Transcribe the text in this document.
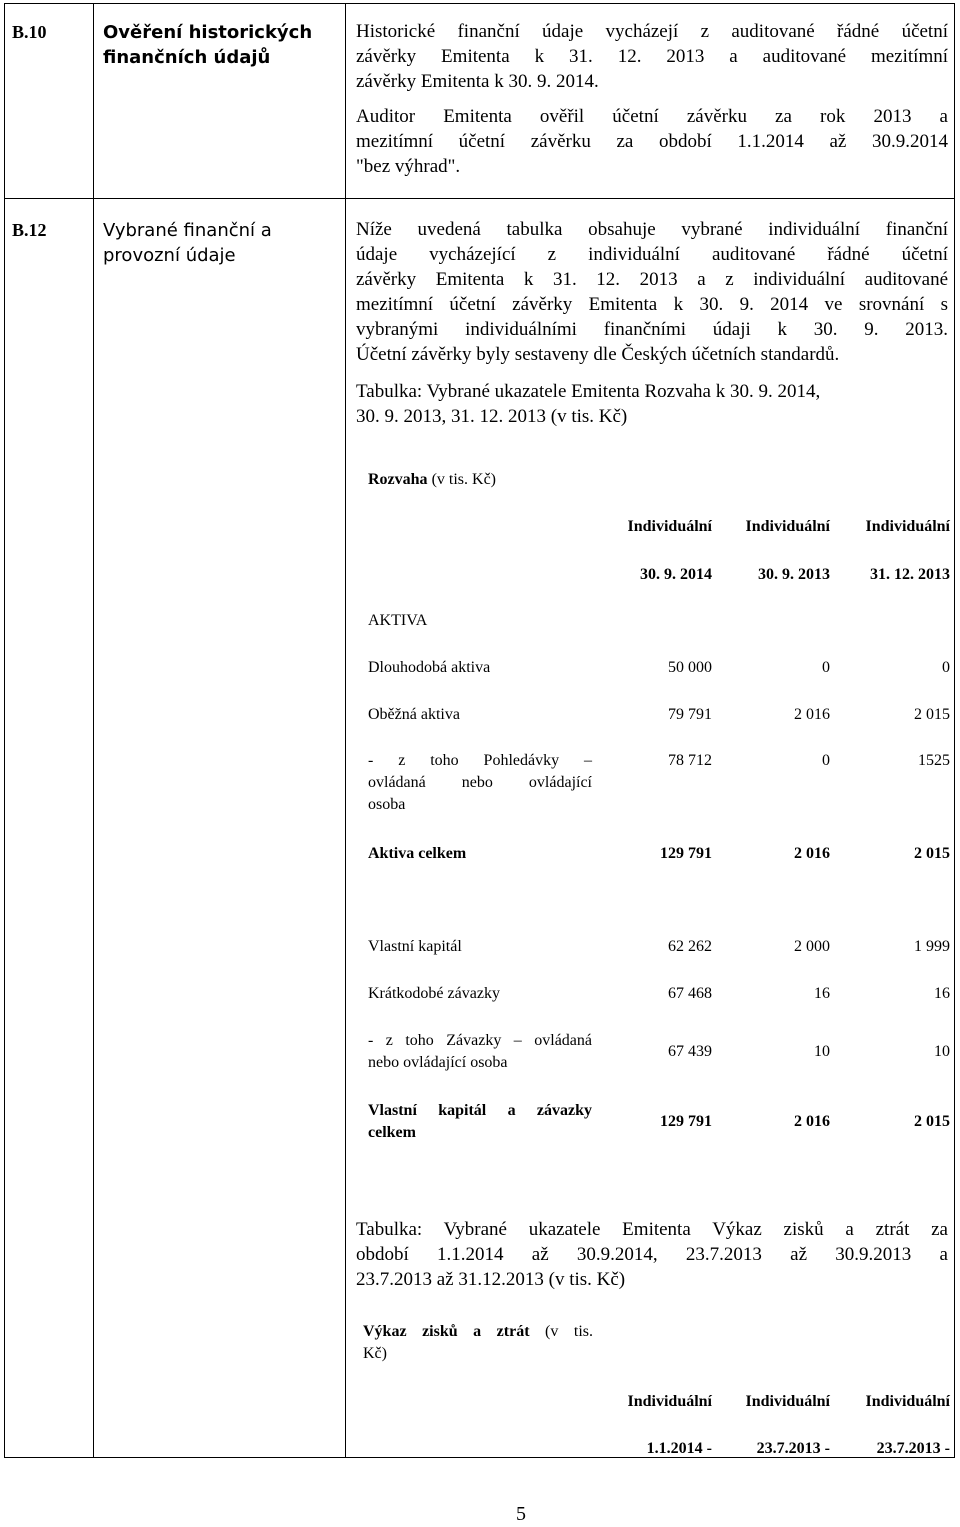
B.10	Ověření historických
finančních údajů
Historické finanční údaje vycházejí z auditované řádné účetní
závěrky Emitenta k 31. 12. 2013 a auditované mezitímní
závěrky Emitenta k 30. 9. 2014.
Auditor Emitenta ověřil účetní závěrku za rok 2013 a
mezitímní účetní závěrku za období 1.1.2014 až 30.9.2014
"bez výhrad".
B.12	Vybrané finanční a
provozní údaje
Níže uvedená tabulka obsahuje vybrané individuální finanční
údaje vycházející z individuální auditované řádné účetní
závěrky Emitenta k 31. 12. 2013 a z individuální auditované
mezitímní účetní závěrky Emitenta k 30. 9. 2014 ve srovnání s
vybranými individuálními finančními údaji k 30. 9. 2013.
Účetní závěrky byly sestaveny dle Českých účetních standardů.
Tabulka: Vybrané ukazatele Emitenta Rozvaha k 30. 9. 2014,
30. 9. 2013, 31. 12. 2013 (v tis. Kč)
Rozvaha (v tis. Kč)
Individuální	Individuální	Individuální
30. 9. 2014	30. 9. 2013	31. 12. 2013
AKTIVA
Dlouhodobá aktiva	50 000	0	0
Oběžná aktiva	79 791	2 016	2 015
- z toho Pohledávky –
ovládaná nebo ovládající
osoba
78 712	0	1525
Aktiva celkem	129 791	2 016	2 015
Vlastní kapitál	62 262	2 000	1 999
Krátkodobé závazky	67 468	16	16
- z toho Závazky – ovládaná
nebo ovládající osoba
67 439	10	10
Vlastní kapitál a závazky
celkem
129 791	2 016	2 015
Tabulka: Vybrané ukazatele Emitenta Výkaz zisků a ztrát za
období 1.1.2014 až 30.9.2014, 23.7.2013 až 30.9.2013 a
23.7.2013 až 31.12.2013 (v tis. Kč)
Výkaz zisků a ztrát (v tis.
Kč)
Individuální	Individuální	Individuální
1.1.2014 -	23.7.2013 -	23.7.2013 -
5
